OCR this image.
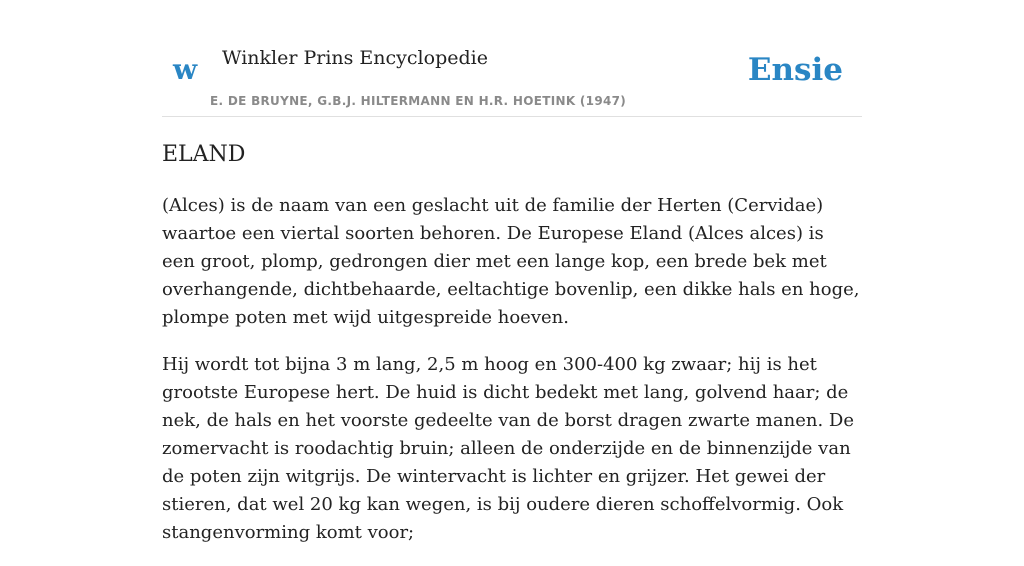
w Winkler Prins Encyclopedie
E. DE BRUYNE, G.B.J. HILTERMANN EN H.R. HOETINK (1947)
Ensie
ELAND

(Alces) is de naam van een geslacht uit de familie der Herten (Cervidae) waartoe een viertal soorten behoren. De Europese Eland (Alces alces) is een groot, plomp, gedrongen dier met een lange kop, een brede bek met overhangende, dichtbehaarde, eeltachtige bovenlip, een dikke hals en hoge, plompe poten met wijd uitgespreide hoeven.

Hij wordt tot bijna 3 m lang, 2,5 m hoog en 300-400 kg zwaar; hij is het grootste Europese hert. De huid is dicht bedekt met lang, golvend haar; de nek, de hals en het voorste gedeelte van de borst dragen zwarte manen. De zomervacht is roodachtig bruin; alleen de onderzijde en de binnenzijde van de poten zijn witgrijs. De wintervacht is lichter en grijzer. Het gewei der stieren, dat wel 20 kg kan wegen, is bij oudere dieren schoffelvormig. Ook stangenvorming komt voor;
